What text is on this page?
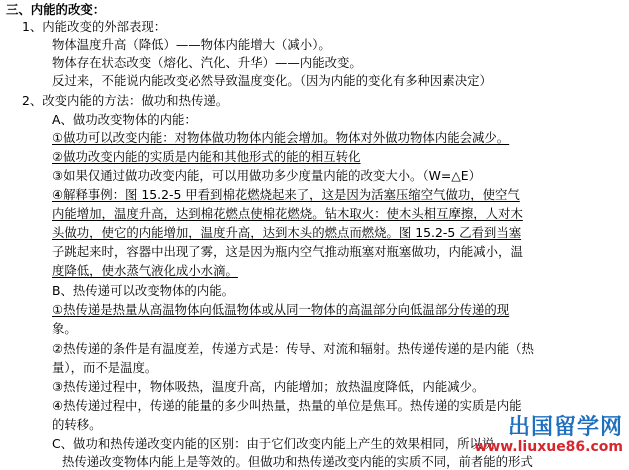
三、内能的改变：
1、内能改变的外部表现：
物体温度升高（降低）——物体内能增大（减小）。
物体存在状态改变（熔化、汽化、升华）——内能改变。
反过来，不能说内能改变必然导致温度变化。（因为内能的变化有多种因素决定）
2、改变内能的方法：做功和热传递。
A、做功改变物体的内能：
①做功可以改变内能：对物体做功物体内能会增加。物体对外做功物体内能会减少。
②做功改变内能的实质是内能和其他形式的能的相互转化
③如果仅通过做功改变内能，可以用做功多少度量内能的改变大小。（W=△E）
④解释事例：图 15.2-5 甲看到棉花燃烧起来了，这是因为活塞压缩空气做功，使空气
内能增加，温度升高，达到棉花燃点使棉花燃烧。钻木取火：使木头相互摩擦，人对木
头做功，使它的内能增加，温度升高，达到木头的燃点而燃烧。图 15.2-5 乙看到当塞
子跳起来时，容器中出现了雾，这是因为瓶内空气推动瓶塞对瓶塞做功，内能减小，温
度降低，使水蒸气液化成小水滴。
B、热传递可以改变物体的内能。
①热传递是热量从高温物体向低温物体或从同一物体的高温部分向低温部分传递的现
象。
②热传递的条件是有温度差，传递方式是：传导、对流和辐射。热传递传递的是内能（热
量），而不是温度。
③热传递过程中，物体吸热，温度升高，内能增加；放热温度降低，内能减少。
④热传递过程中，传递的能量的多少叫热量，热量的单位是焦耳。热传递的实质是内能
的转移。
C、做功和热传递改变内能的区别：由于它们改变内能上产生的效果相同，所以说
热传递改变物体内能上是等效的。但做功和热传递改变内能的实质不同，前者能的形式
出国留学网
www.liuxue86.com
